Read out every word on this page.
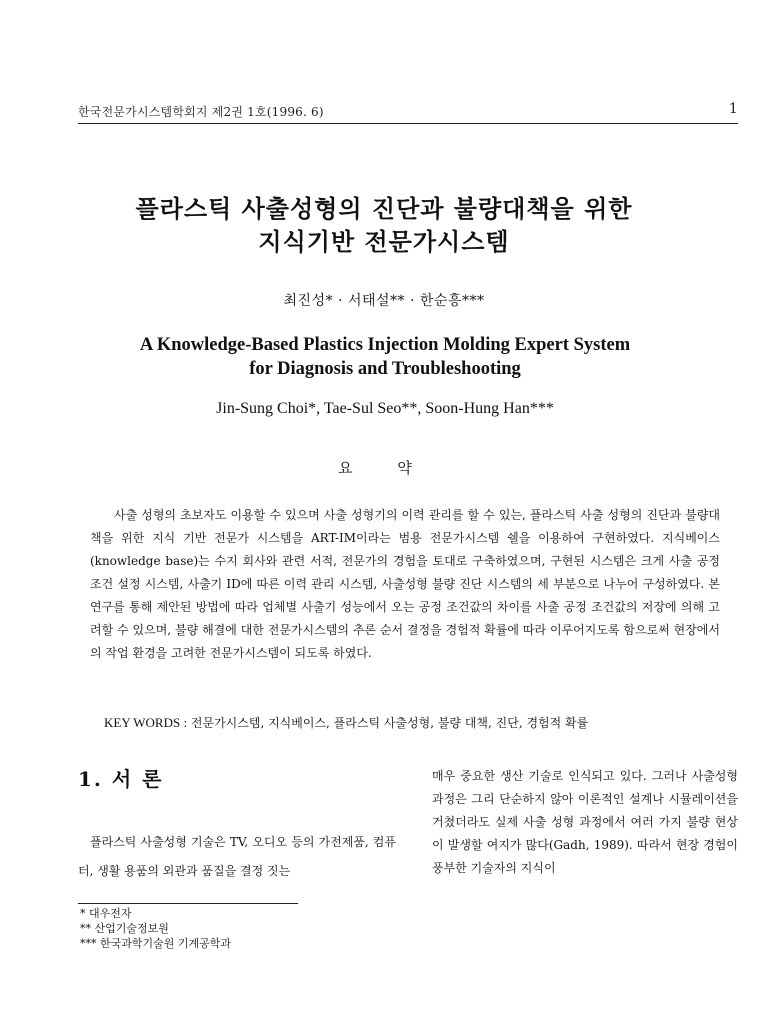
한국전문가시스템학회지 제2권 1호(1996. 6)	1
플라스틱 사출성형의 진단과 불량대책을 위한
지식기반 전문가시스템
최진성* · 서태설** · 한순흥***
A Knowledge-Based Plastics Injection Molding Expert System
for Diagnosis and Troubleshooting
Jin-Sung Choi*, Tae-Sul Seo**, Soon-Hung Han***
요 약

사출 성형의 초보자도 이용할 수 있으며 사출 성형기의 이력 관리를 할 수 있는, 플라스틱 사출 성형의 진단과 불량대책을 위한 지식 기반 전문가 시스템을 ART-IM이라는 범용 전문가시스템 쉘을 이용하여 구현하였다. 지식베이스(knowledge base)는 수지 회사와 관련 서적, 전문가의 경험을 토대로 구축하였으며, 구현된 시스템은 크게 사출 공정 조건 설정 시스템, 사출기 ID에 따른 이력 관리 시스템, 사출성형 불량 진단 시스템의 세 부분으로 나누어 구성하였다. 본 연구를 통해 제안된 방법에 따라 업체별 사출기 성능에서 오는 공정 조건값의 차이를 사출 공정 조건값의 저장에 의해 고려할 수 있으며, 불량 해결에 대한 전문가시스템의 추론 순서 결정을 경험적 확률에 따라 이루어지도록 함으로써 현장에서의 작업 환경을 고려한 전문가시스템이 되도록 하였다.

KEY WORDS : 전문가시스템, 지식베이스, 플라스틱 사출성형, 불량 대책, 진단, 경험적 확률
1. 서 론

플라스틱 사출성형 기술은 TV, 오디오 등의 가전제품, 컴퓨터, 생활 용품의 외관과 품질을 결정 짓는

매우 중요한 생산 기술로 인식되고 있다. 그러나 사출성형 과정은 그리 단순하지 않아 이론적인 설계나 시뮬레이션을 거쳤더라도 실제 사출 성형 과정에서 여러 가지 불량 현상이 발생할 여지가 많다(Gadh, 1989). 따라서 현장 경험이 풍부한 기술자의 지식이

* 대우전자
** 산업기술정보원
*** 한국과학기술원 기계공학과
